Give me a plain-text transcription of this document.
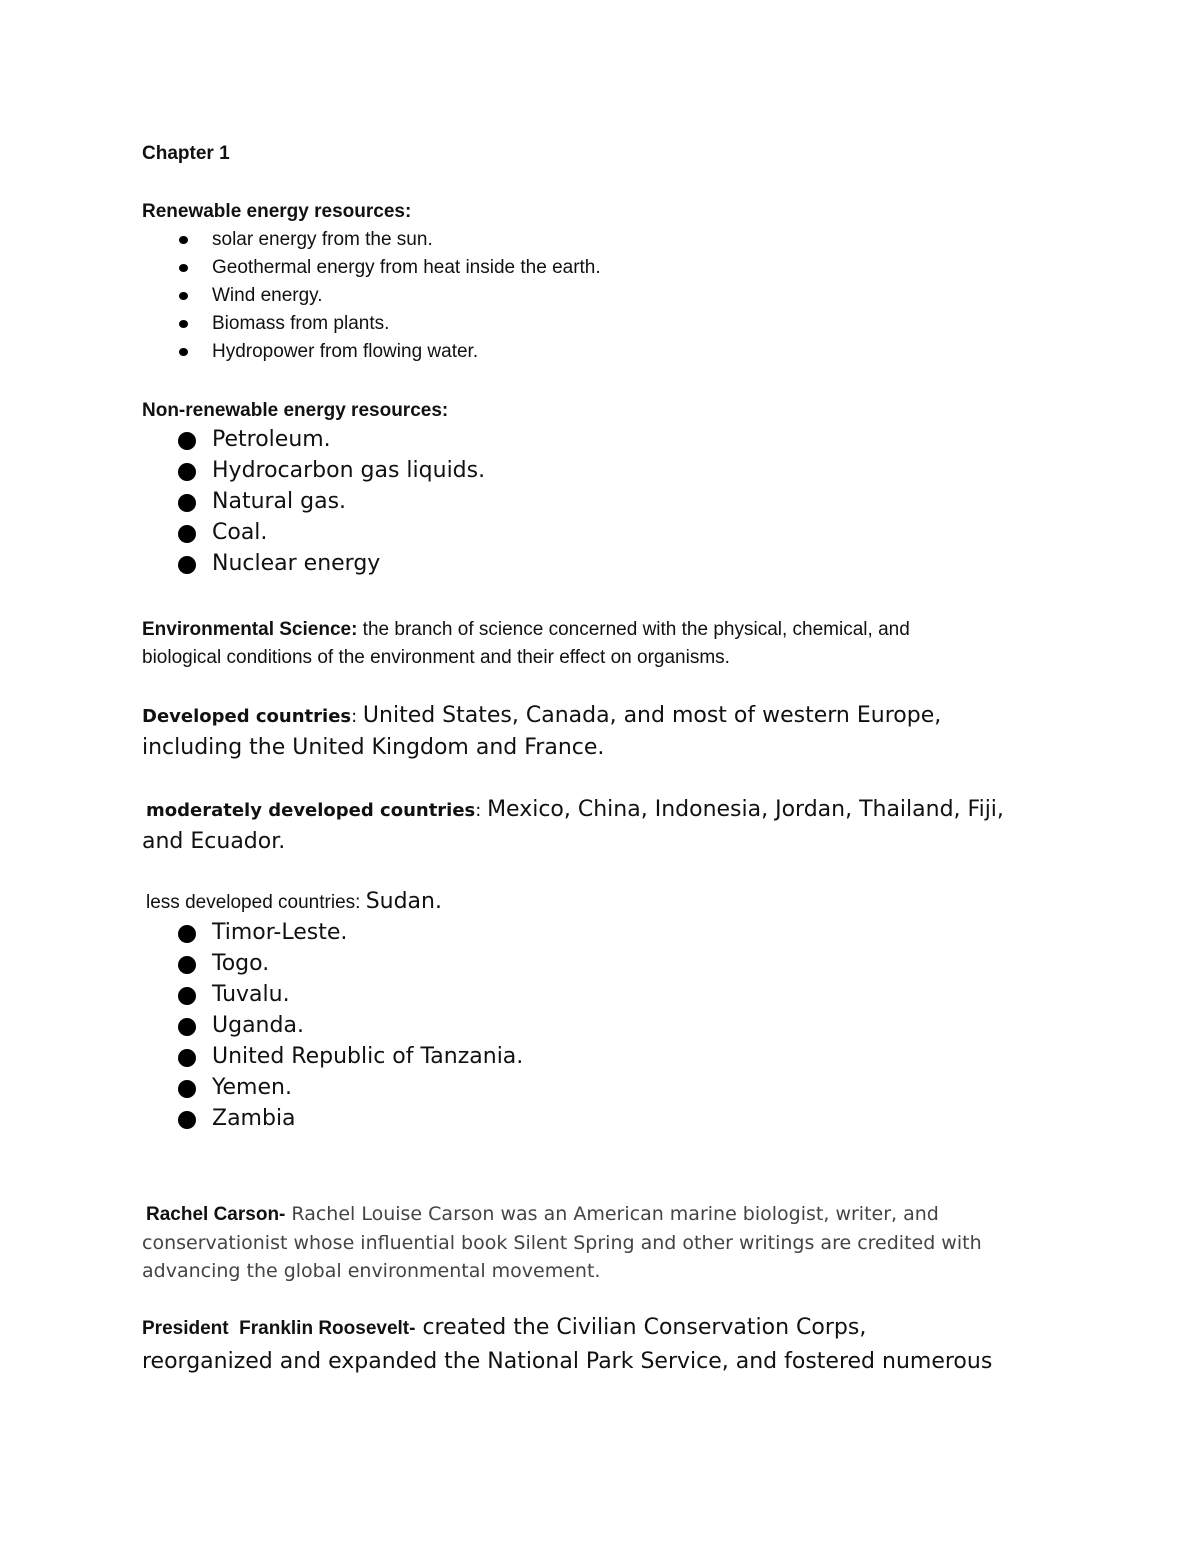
Chapter 1
Renewable energy resources:
solar energy from the sun.
Geothermal energy from heat inside the earth.
Wind energy.
Biomass from plants.
Hydropower from flowing water.
Non-renewable energy resources:
Petroleum.
Hydrocarbon gas liquids.
Natural gas.
Coal.
Nuclear energy
Environmental Science: the branch of science concerned with the physical, chemical, and
biological conditions of the environment and their effect on organisms.
Developed countries: United States, Canada, and most of western Europe,
including the United Kingdom and France.
moderately developed countries: Mexico, China, Indonesia, Jordan, Thailand, Fiji,
and Ecuador.
less developed countries: Sudan.
Timor-Leste.
Togo.
Tuvalu.
Uganda.
United Republic of Tanzania.
Yemen.
Zambia
Rachel Carson- Rachel Louise Carson was an American marine biologist, writer, and
conservationist whose influential book Silent Spring and other writings are credited with
advancing the global environmental movement.
President  Franklin Roosevelt- created the Civilian Conservation Corps,
reorganized and expanded the National Park Service, and fostered numerous
